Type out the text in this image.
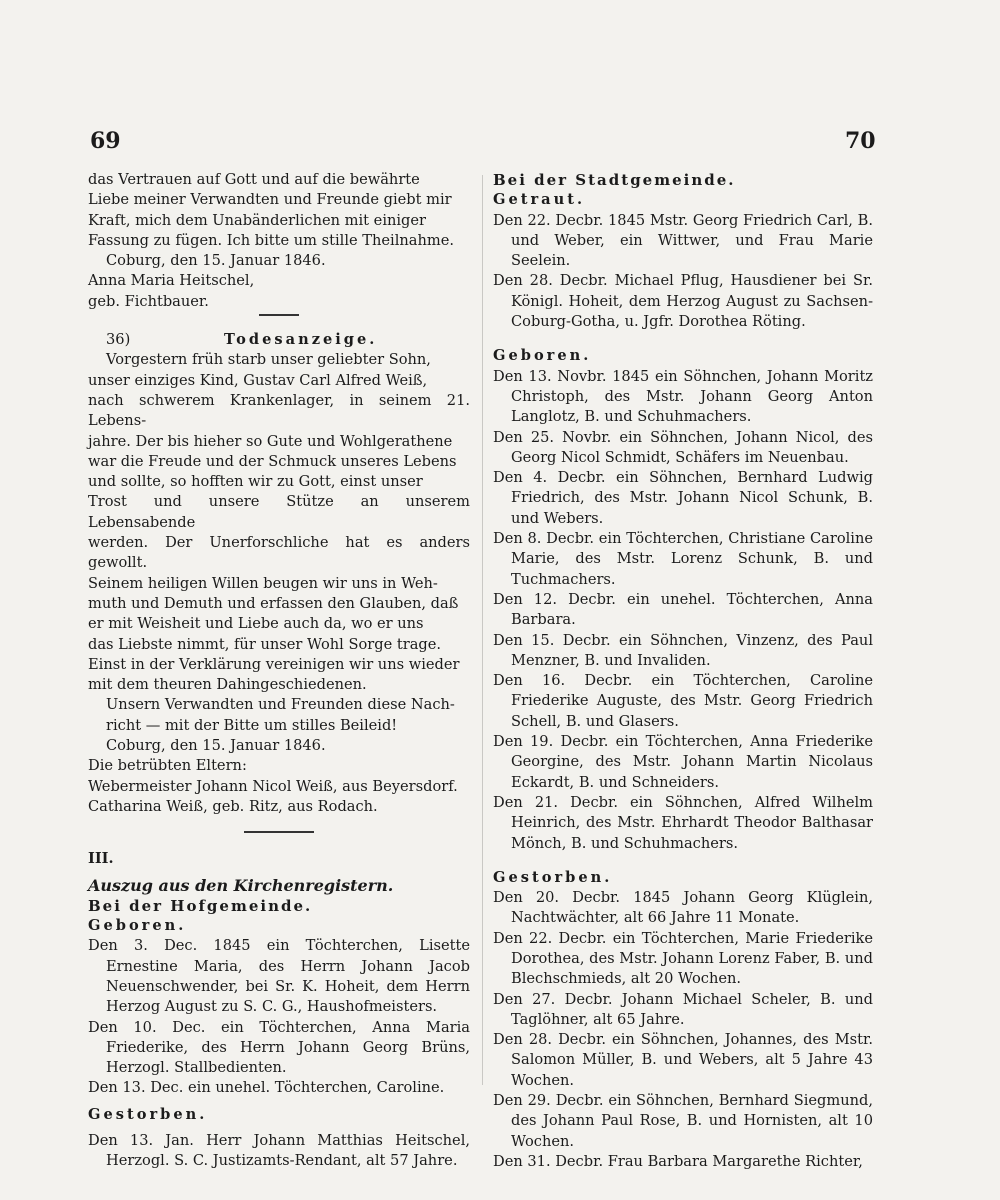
69	70

das Vertrauen auf Gott und auf die bewährte

Liebe meiner Verwandten und Freunde giebt mir

Kraft, mich dem Unabänderlichen mit einiger

Fassung zu fügen. Ich bitte um stille Theilnahme.

Coburg, den 15. Januar 1846.

Anna Maria Heitschel,

geb. Fichtbauer.

36)	Todesanzeige.

Vorgestern früh starb unser geliebter Sohn,

unser einziges Kind, Gustav Carl Alfred Weiß,

nach schwerem Krankenlager, in seinem 21. Lebens-

jahre. Der bis hieher so Gute und Wohlgerathene

war die Freude und der Schmuck unseres Lebens

und sollte, so hofften wir zu Gott, einst unser

Trost und unsere Stütze an unserem Lebensabende

werden. Der Unerforschliche hat es anders gewollt.

Seinem heiligen Willen beugen wir uns in Weh-

muth und Demuth und erfassen den Glauben, daß

er mit Weisheit und Liebe auch da, wo er uns

das Liebste nimmt, für unser Wohl Sorge trage.

Einst in der Verklärung vereinigen wir uns wieder

mit dem theuren Dahingeschiedenen.

Unsern Verwandten und Freunden diese Nach-

richt — mit der Bitte um stilles Beileid!

Coburg, den 15. Januar 1846.

Die betrübten Eltern:

Webermeister Johann Nicol Weiß, aus Beyersdorf.

Catharina Weiß, geb. Ritz, aus Rodach.

III.

Auszug aus den Kirchenregistern.

Bei der Hofgemeinde.

Geboren.

Den 3. Dec. 1845 ein Töchterchen, Lisette Ernestine Maria, des Herrn Johann Jacob Neuenschwender, bei Sr. K. Hoheit, dem Herrn Herzog August zu S. C. G., Haushofmeisters.

Den 10. Dec. ein Töchterchen, Anna Maria Friederike, des Herrn Johann Georg Brüns, Herzogl. Stallbedienten.

Den 13. Dec. ein unehel. Töchterchen, Caroline.

Gestorben.

Den 13. Jan. Herr Johann Matthias Heitschel, Herzogl. S. C. Justizamts-Rendant, alt 57 Jahre.

Bei der Stadtgemeinde.

Getraut.

Den 22. Decbr. 1845 Mstr. Georg Friedrich Carl, B. und Weber, ein Wittwer, und Frau Marie Seelein.

Den 28. Decbr. Michael Pflug, Hausdiener bei Sr. Königl. Hoheit, dem Herzog August zu Sachsen-Coburg-Gotha, u. Jgfr. Dorothea Röting.

Geboren.

Den 13. Novbr. 1845 ein Söhnchen, Johann Moritz Christoph, des Mstr. Johann Georg Anton Langlotz, B. und Schuhmachers.

Den 25. Novbr. ein Söhnchen, Johann Nicol, des Georg Nicol Schmidt, Schäfers im Neuenbau.

Den 4. Decbr. ein Söhnchen, Bernhard Ludwig Friedrich, des Mstr. Johann Nicol Schunk, B. und Webers.

Den 8. Decbr. ein Töchterchen, Christiane Caroline Marie, des Mstr. Lorenz Schunk, B. und Tuchmachers.

Den 12. Decbr. ein unehel. Töchterchen, Anna Barbara.

Den 15. Decbr. ein Söhnchen, Vinzenz, des Paul Menzner, B. und Invaliden.

Den 16. Decbr. ein Töchterchen, Caroline Friederike Auguste, des Mstr. Georg Friedrich Schell, B. und Glasers.

Den 19. Decbr. ein Töchterchen, Anna Friederike Georgine, des Mstr. Johann Martin Nicolaus Eckardt, B. und Schneiders.

Den 21. Decbr. ein Söhnchen, Alfred Wilhelm Heinrich, des Mstr. Ehrhardt Theodor Balthasar Mönch, B. und Schuhmachers.

Gestorben.

Den 20. Decbr. 1845 Johann Georg Klüglein, Nachtwächter, alt 66 Jahre 11 Monate.

Den 22. Decbr. ein Töchterchen, Marie Friederike Dorothea, des Mstr. Johann Lorenz Faber, B. und Blechschmieds, alt 20 Wochen.

Den 27. Decbr. Johann Michael Scheler, B. und Taglöhner, alt 65 Jahre.

Den 28. Decbr. ein Söhnchen, Johannes, des Mstr. Salomon Müller, B. und Webers, alt 5 Jahre 43 Wochen.

Den 29. Decbr. ein Söhnchen, Bernhard Siegmund, des Johann Paul Rose, B. und Hornisten, alt 10 Wochen.

Den 31. Decbr. Frau Barbara Margarethe Richter,
